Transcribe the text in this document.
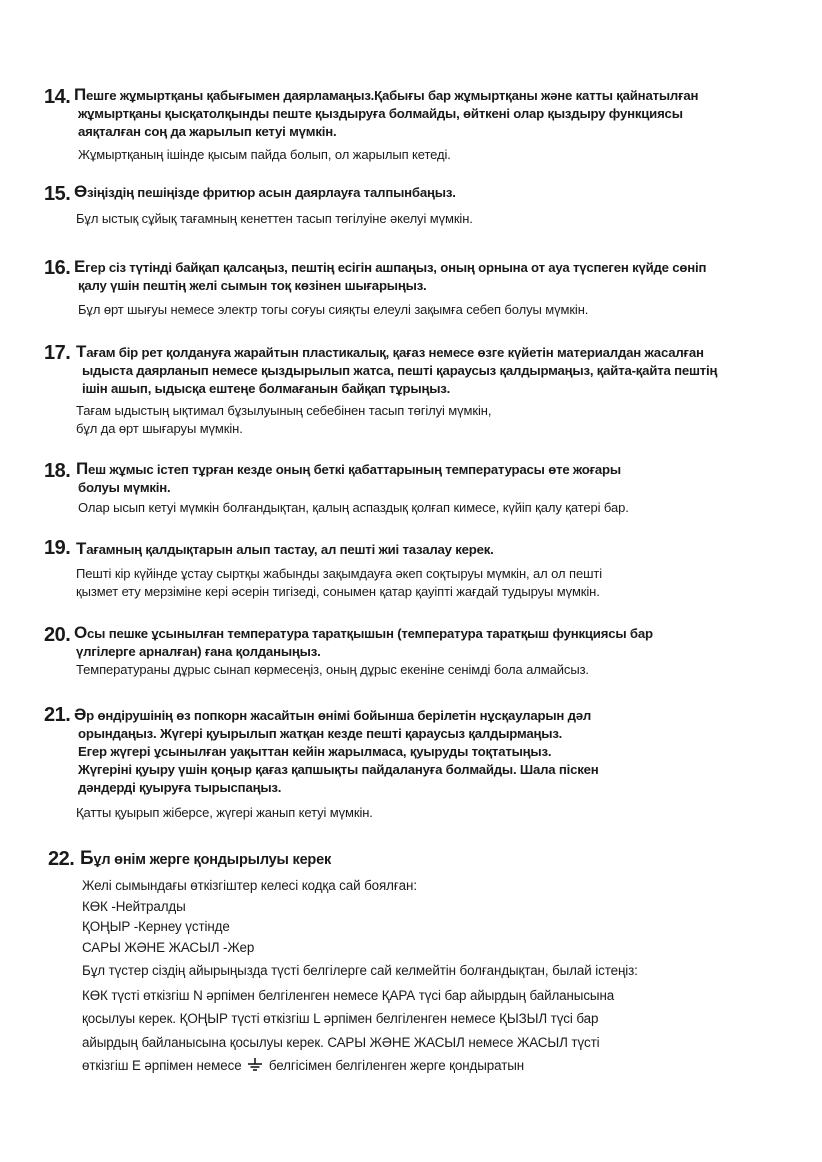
14. Пешге жұмыртқаны қабығымен даярламаңыз.Қабығы бар жұмыртқаны және катты қайнатылған
жұмыртқаны қысқатолқынды пеште қыздыруға болмайды, өйткені олар қыздыру функциясы
аяқталған соң да жарылып кетуі мүмкін.
Жұмыртқаның ішінде қысым пайда болып, ол жарылып кетеді.
15. Өзіңіздің пешіңізде фритюр асын даярлауға талпынбаңыз.
Бұл ыстық сұйық тағамның кенеттен тасып төгілуіне әкелуі мүмкін.
16. Егер сіз түтінді байқап қалсаңыз, пештің есігін ашпаңыз, оның орнына от ауа түспеген күйде сөніп
қалу үшін пештің желі сымын тоқ көзінен шығарыңыз.
Бұл өрт шығуы немесе электр тогы соғуы сияқты елеулі зақымға себеп болуы мүмкін.
17. Тағам бір рет қолдануға жарайтын пластикалық, қағаз немесе өзге күйетін материалдан жасалған
ыдыста даярланып немесе қыздырылып жатса, пешті қараусыз қалдырмаңыз, қайта-қайта пештің
ішін ашып, ыдысқа ештеңе болмағанын байқап тұрыңыз.
Тағам ыдыстың ықтимал бұзылуының себебінен тасып төгілуі мүмкін,
бұл да өрт шығаруы мүмкін.
18. Пеш жұмыс істеп тұрған кезде оның беткі қабаттарының температурасы өте жоғары
болуы мүмкін.
Олар ысып кетуі мүмкін болғандықтан, қалың аспаздық қолғап кимесе, күйіп қалу қатері бар.
19. Тағамның қалдықтарын алып тастау, ал пешті жиі тазалау керек.
Пешті кір күйінде ұстау сыртқы жабынды зақымдауға әкеп соқтыруы мүмкін, ал ол пешті
қызмет ету мерзіміне кері әсерін тигізеді, сонымен қатар қауіпті жағдай тудыруы мүмкін.
20. Осы пешке ұсынылған температура таратқышын (температура таратқыш функциясы бар
үлгілерге арналған) ғана қолданыңыз.
Температураны дұрыс сынап көрмесеңіз, оның дұрыс екеніне сенімді бола алмайсыз.
21. Әр өндірушінің өз попкорн жасайтын өнімі бойынша берілетін нұсқауларын дәл
орындаңыз. Жүгері қуырылып жатқан кезде пешті қараусыз қалдырмаңыз.
Егер жүгері ұсынылған уақыттан кейін жарылмаса, қуыруды тоқтатыңыз.
Жүгеріні қуыру үшін қоңыр қағаз қапшықты пайдалануға болмайды. Шала піскен
дәндерді қуыруға тырыспаңыз.
Қатты қуырып жіберсе, жүгері жанып кетуі мүмкін.
22. Бұл өнім жерге қондырылуы керек
Желі сымындағы өткізгіштер келесі кодқа сай боялған:
КӨК -Нейтралды
ҚОҢЫР -Кернеу үстінде
САРЫ ЖӘНЕ ЖАСЫЛ -Жер
Бұл түстер сіздің айырыңызда түсті белгілерге сай келмейтін болғандықтан, былай істеңіз:
КӨК түсті өткізгіш N әрпімен белгіленген немесе ҚАРА түсі бар айырдың байланысына
қосылуы керек. ҚОҢЫР түсті өткізгіш L әрпімен белгіленген немесе ҚЫЗЫЛ түсі бар
айырдың байланысына қосылуы керек. САРЫ ЖӘНЕ ЖАСЫЛ немесе ЖАСЫЛ түсті
өткізгіш Е әрпімен немесе белгісімен белгіленген жерге қондыратын
